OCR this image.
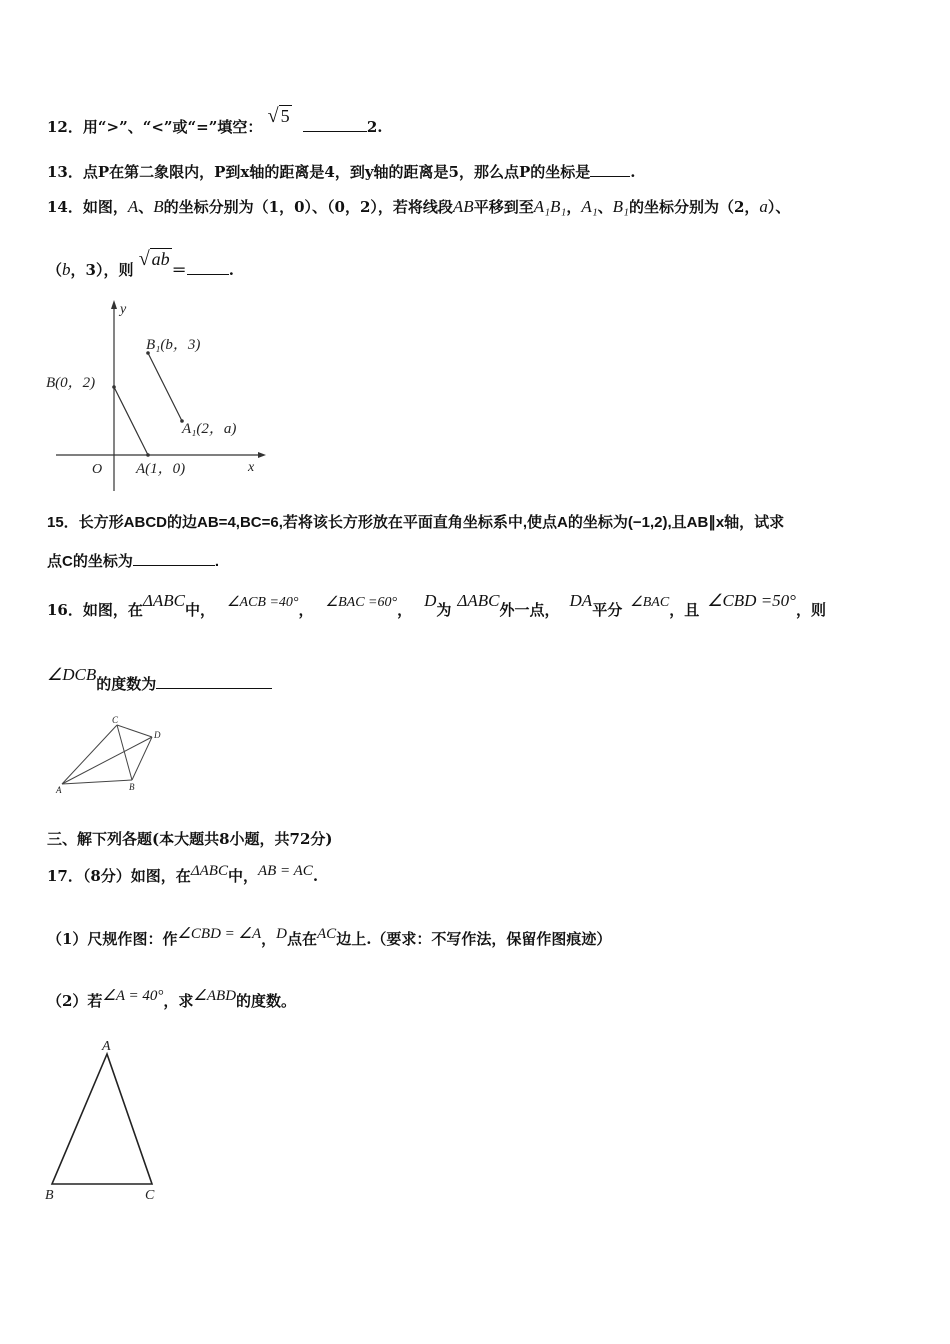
12．用“>”、“<”或“=”填空： √ 5 2.
13．点P在第二象限内，P到x轴的距离是4，到y轴的距离是5，那么点P的坐标是	.
14．如图，A、B的坐标分别为（1，0）、（0，2），若将线段AB平移到至A₁B₁，A₁、B₁的坐标分别为（2，a）、
（b，3），则 √ ab＝	.
y
x
O
B(0，2)
A(1，0)
B₁(b，3)
A₁(2，a)
15．长方形ABCD的边AB=4,BC=6,若将该长方形放在平面直角坐标系中,使点A的坐标为(−1,2),且AB∥x轴，试求
点C的坐标为	.
16．如图，在ΔABC中， ∠ACB =40°， ∠BAC =60°， D为 ΔABC外一点， DA平分 ∠BAC，且 ∠CBD =50°，则
∠DCB的度数为
C
D
A	B
三、解下列各题(本大题共8小题，共72分)
17．（8分）如图，在ΔABC中，AB = AC.
（1）尺规作图：作∠CBD = ∠A，D点在AC边上.（要求：不写作法，保留作图痕迹）
（2）若∠A = 40°，求∠ABD的度数。
A
B	C
